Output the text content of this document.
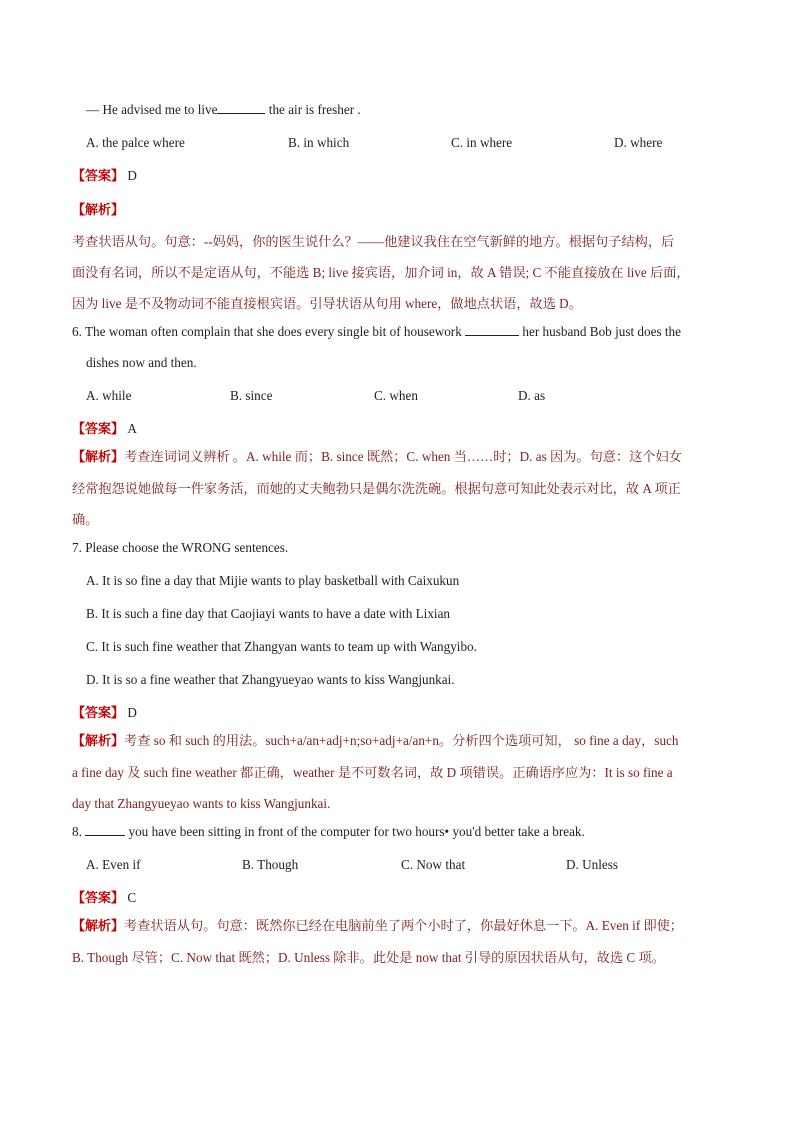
— He advised me to live	the air is fresher .

A. the palce where	B. in which	C. in where	D. where

【答案】 D

【解析】

考查状语从句。句意：--妈妈，你的医生说什么？——他建议我住在空气新鲜的地方。根据句子结构，后

面没有名词，所以不是定语从句，不能选 B; live 接宾语，加介词 in，故 A 错误; C 不能直接放在 live 后面，

因为 live 是不及物动词不能直接根宾语。引导状语从句用 where，做地点状语，故选 D。

6. The woman often complain that she does every single bit of housework	her husband Bob just does the

dishes now and then.

A. while	B. since	C. when	D. as

【答案】 A

【解析】考查连词词义辨析 。A. while 而；B. since 既然；C. when 当……时；D. as 因为。句意：这个妇女

经常抱怨说她做每一件家务活，而她的丈夫鲍勃只是偶尔洗洗碗。根据句意可知此处表示对比，故 A 项正

确。

7. Please choose the WRONG sentences.

A. It is so fine a day that Mijie wants to play basketball with Caixukun

B. It is such a fine day that Caojiayi wants to have a date with Lixian

C. It is such fine weather that Zhangyan wants to team up with Wangyibo.

D. It is so a fine weather that Zhangyueyao wants to kiss Wangjunkai.

【答案】 D

【解析】考查 so 和 such 的用法。such+a/an+adj+n;so+adj+a/an+n。分析四个选项可知， so fine a day，such

a fine day 及 such fine weather 都正确，weather 是不可数名词，故 D 项错误。正确语序应为：It is so fine a

day that Zhangyueyao wants to kiss Wangjunkai.

8.	you have been sitting in front of the computer for two hours• you'd better take a break.

A. Even if	B. Though	C. Now that	D. Unless

【答案】 C

【解析】考查状语从句。句意：既然你已经在电脑前坐了两个小时了，你最好休息一下。A. Even if 即使；

B. Though 尽管；C. Now that 既然；D. Unless 除非。此处是 now that 引导的原因状语从句，故选 C 项。
